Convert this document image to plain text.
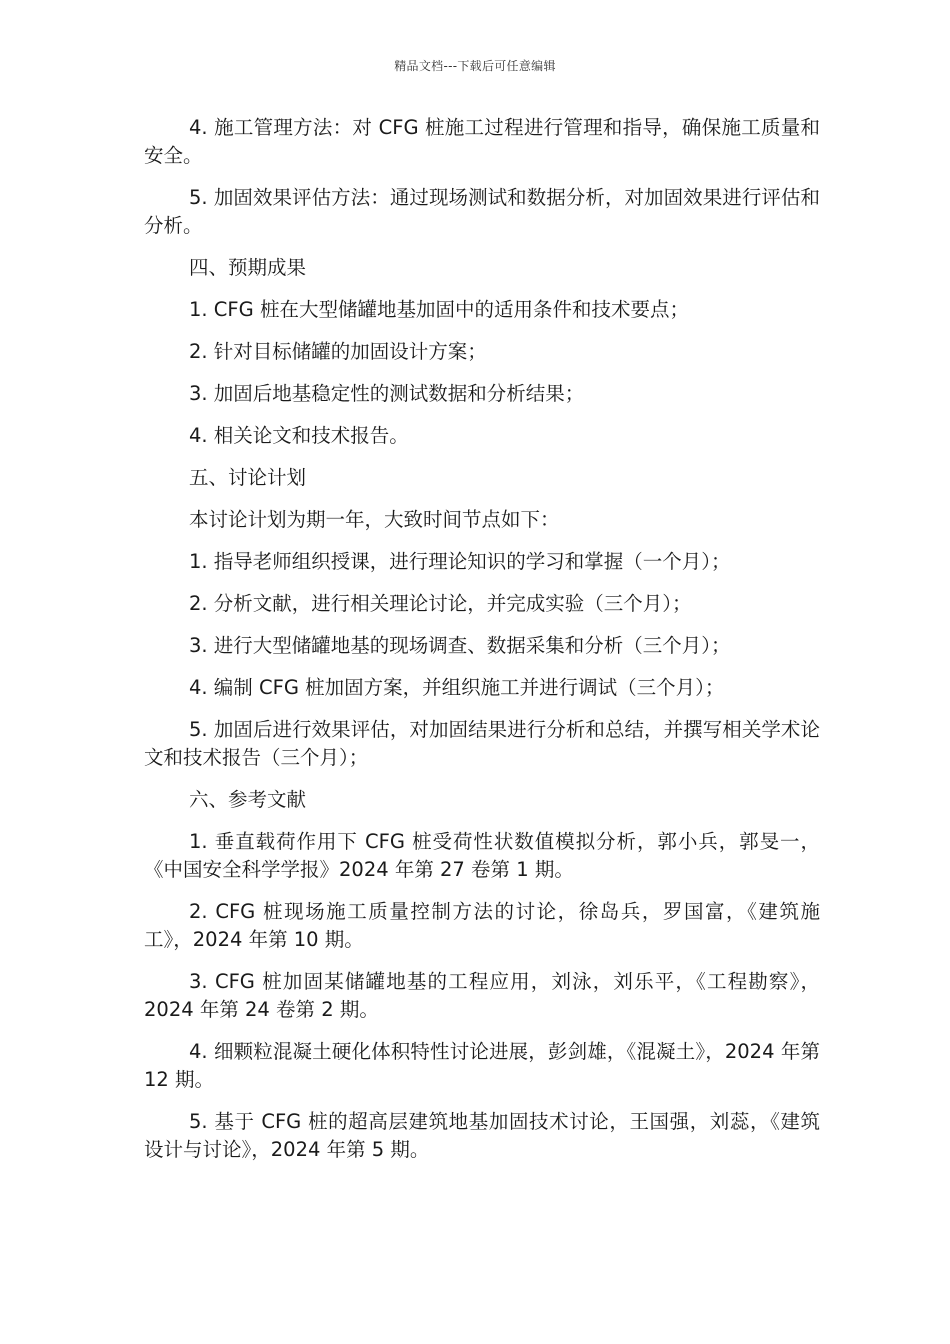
精品文档---下载后可任意编辑

4. 施工管理方法：对 CFG 桩施工过程进行管理和指导，确保施工质量和安全。

5. 加固效果评估方法：通过现场测试和数据分析，对加固效果进行评估和分析。

四、预期成果

1. CFG 桩在大型储罐地基加固中的适用条件和技术要点；

2. 针对目标储罐的加固设计方案；

3. 加固后地基稳定性的测试数据和分析结果；

4. 相关论文和技术报告。

五、讨论计划

本讨论计划为期一年，大致时间节点如下：

1. 指导老师组织授课，进行理论知识的学习和掌握（一个月）；

2. 分析文献，进行相关理论讨论，并完成实验（三个月）；

3. 进行大型储罐地基的现场调查、数据采集和分析（三个月）；

4. 编制 CFG 桩加固方案，并组织施工并进行调试（三个月）；

5. 加固后进行效果评估，对加固结果进行分析和总结，并撰写相关学术论文和技术报告（三个月）；

六、参考文献

1. 垂直载荷作用下 CFG 桩受荷性状数值模拟分析，郭小兵，郭旻一，《中国安全科学学报》2024 年第 27 卷第 1 期。

2. CFG 桩现场施工质量控制方法的讨论，徐岛兵，罗国富，《建筑施工》，2024 年第 10 期。

3. CFG 桩加固某储罐地基的工程应用，刘泳，刘乐平，《工程勘察》，2024 年第 24 卷第 2 期。

4. 细颗粒混凝土硬化体积特性讨论进展，彭剑雄，《混凝土》，2024 年第 12 期。

5. 基于 CFG 桩的超高层建筑地基加固技术讨论，王国强，刘蕊，《建筑设计与讨论》，2024 年第 5 期。
